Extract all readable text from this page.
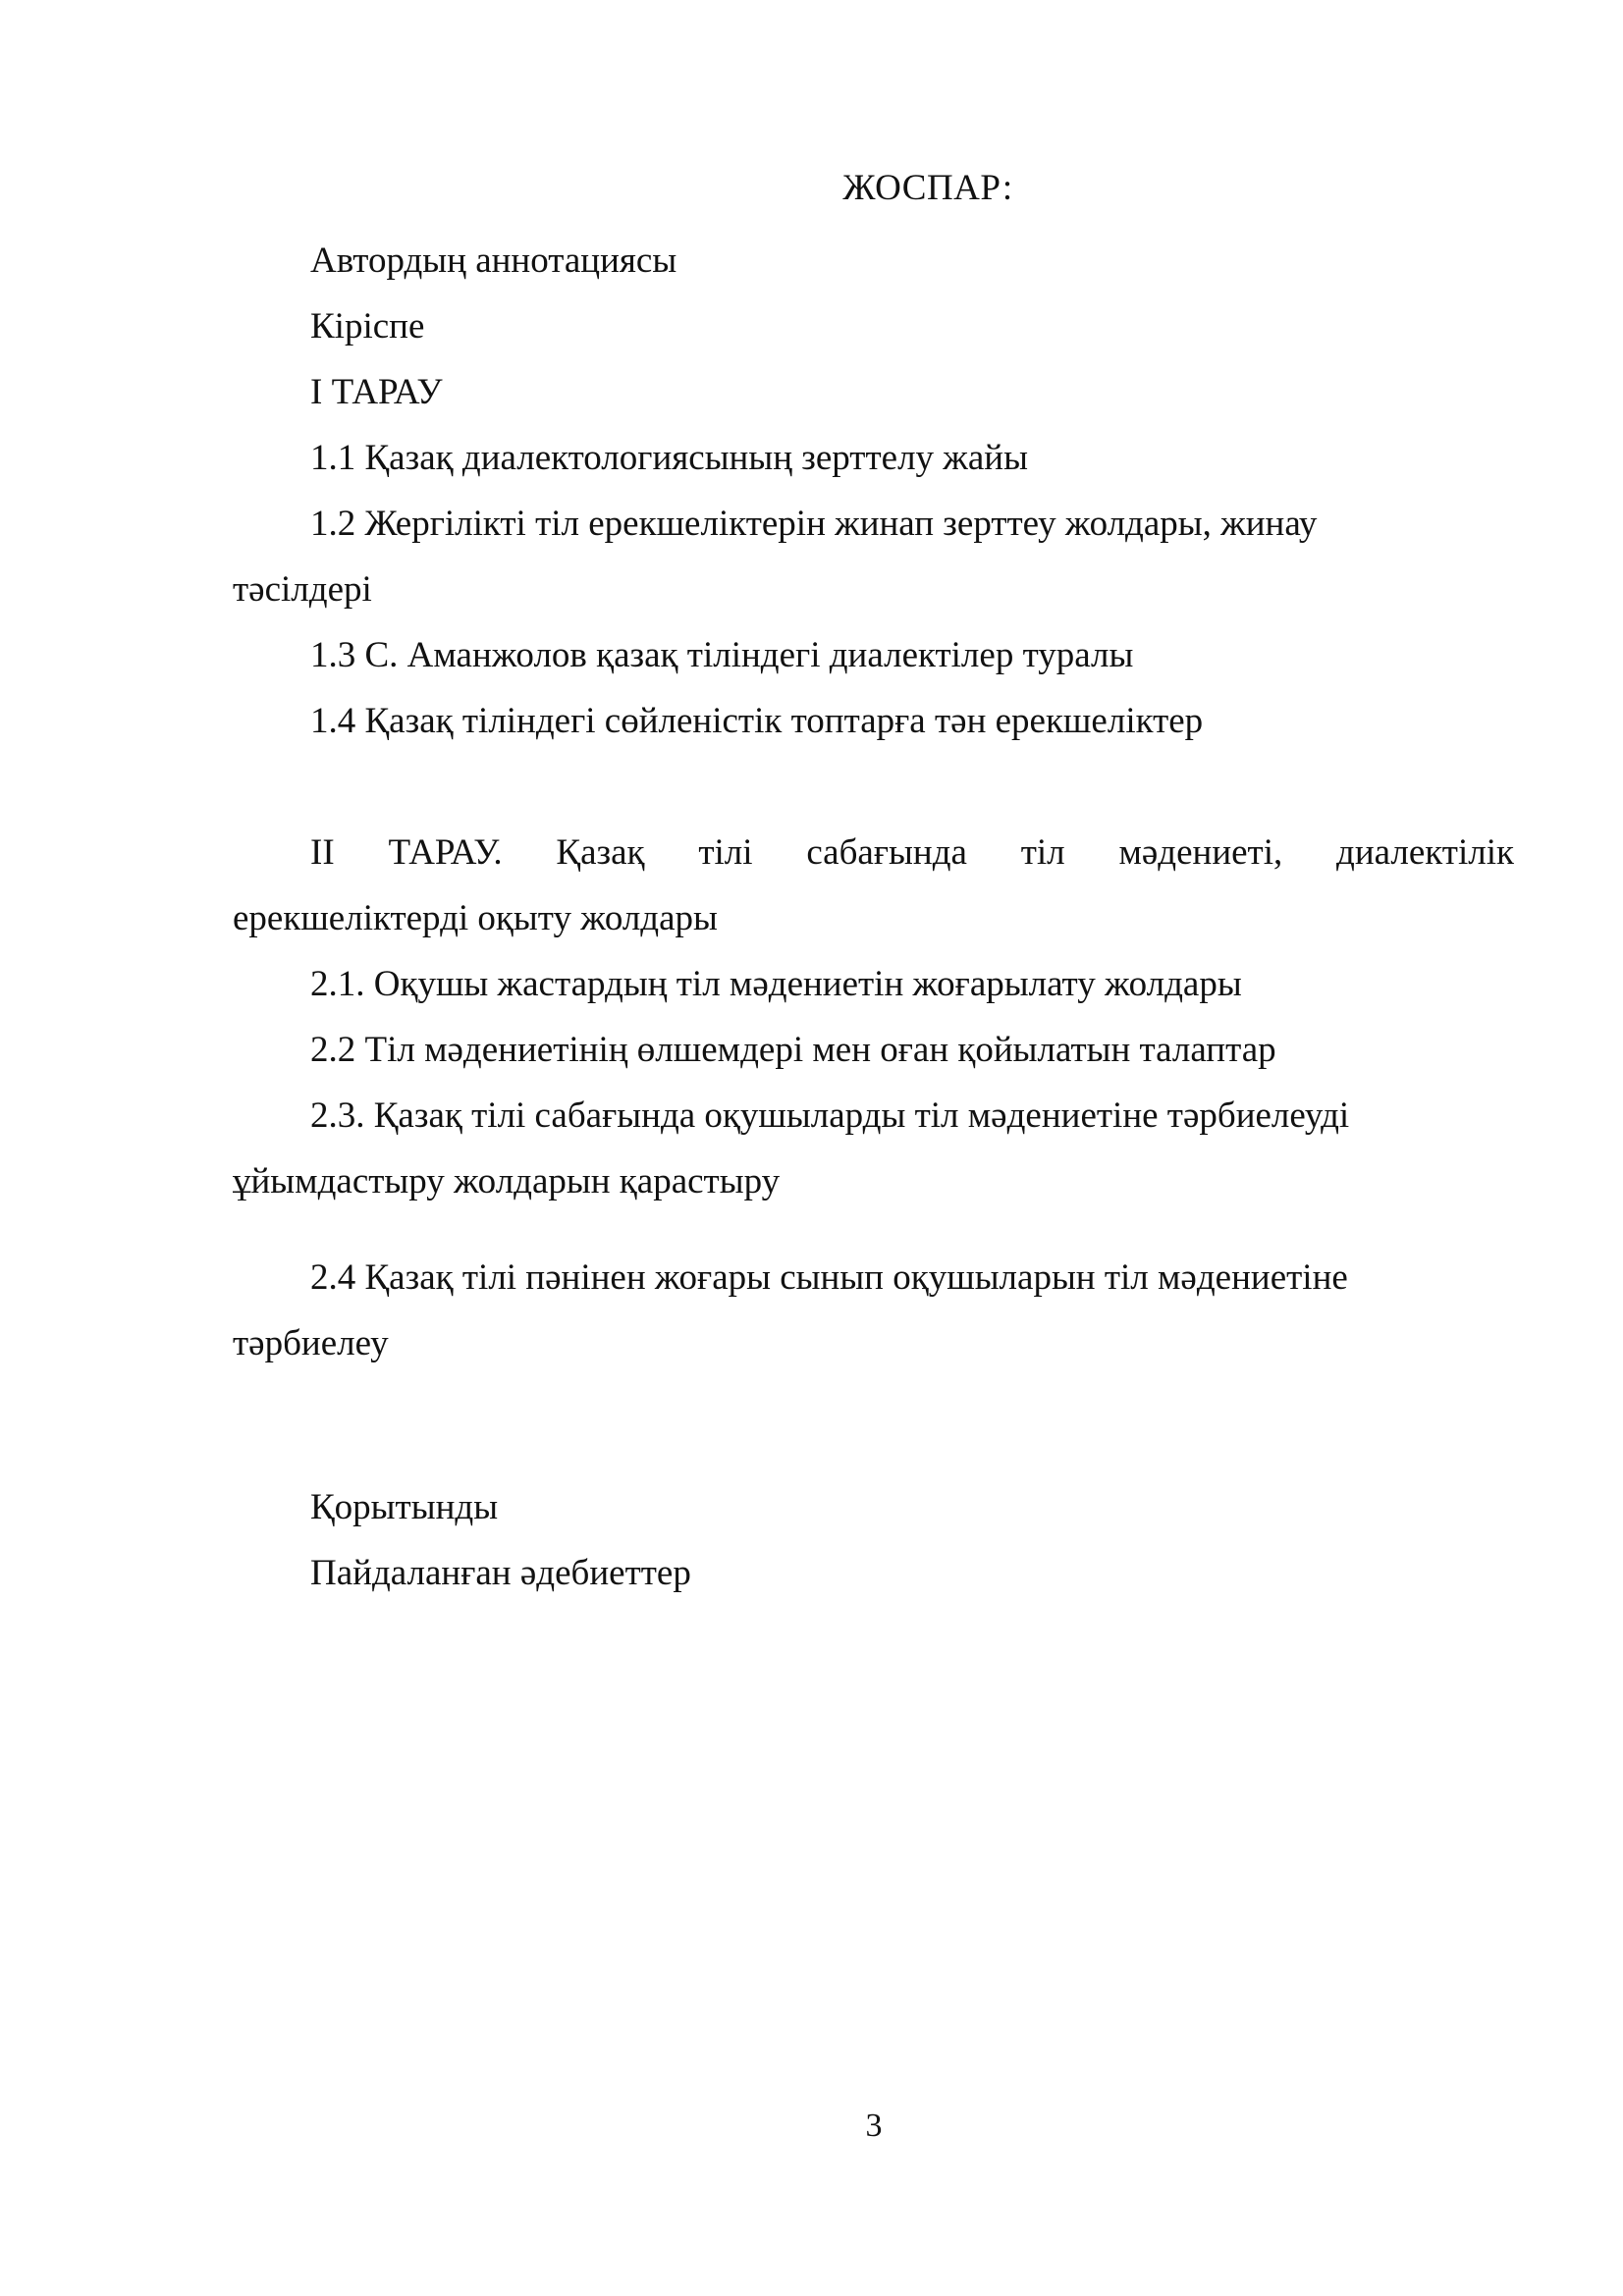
ЖОСПАР:
Автордың аннотациясы
Кіріспе
І ТАРАУ
1.1 Қазақ диалектологиясының зерттелу жайы
1.2 Жергілікті тіл ерекшеліктерін жинап зерттеу жолдары, жинау
тәсілдері
1.3 С. Аманжолов қазақ тіліндегі диалектілер туралы
1.4 Қазақ тіліндегі сөйленістік топтарға тән ерекшеліктер
ІІ ТАРАУ. Қазақ тілі сабағында тіл мәдениеті, диалектілік
ерекшеліктерді оқыту жолдары
2.1. Оқушы жастардың тіл мәдениетін жоғарылату жолдары
2.2 Тіл мәдениетінің өлшемдері мен оған қойылатын талаптар
2.3. Қазақ тілі сабағында оқушыларды тіл мәдениетіне тәрбиелеуді
ұйымдастыру жолдарын қарастыру
2.4 Қазақ тілі пәнінен жоғары сынып оқушыларын тіл мәдениетіне
тәрбиелеу
Қорытынды
Пайдаланған әдебиеттер
3
